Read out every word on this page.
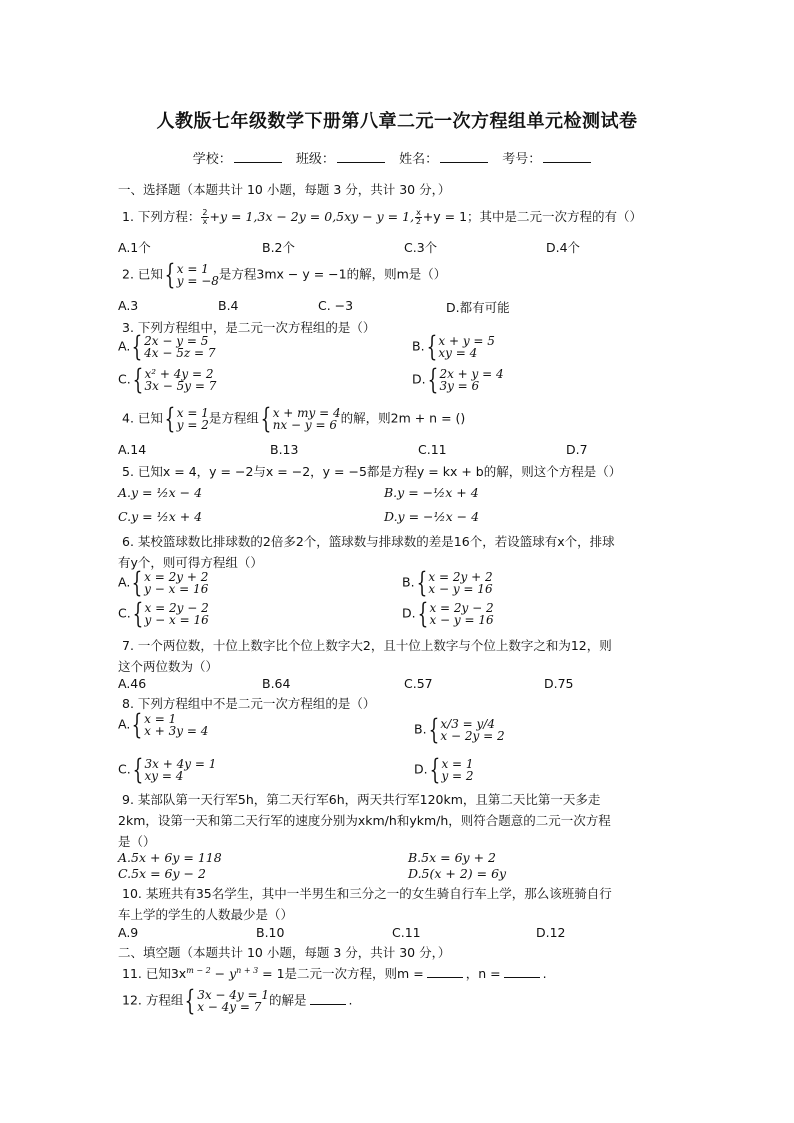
人教版七年级数学下册第八章二元一次方程组单元检测试卷
学校：	班级：	姓名：	考号：
一、选择题（本题共计 10 小题，每题 3 分，共计 30 分，）
1. 下列方程： $\frac{2}{x} +y = 1,3x - 2y = 0,5xy - y = 1$, $\frac{x}{2} +y = 1$；其中是二元一次方程的有（）
A.1个	B.2个	C.3个	D.4个
2. 已知 { x = 1
y = −8 是方程3mx − y = −1的解，则m是（）
A.3	B.4	C. −3	D.都有可能
3. 下列方程组中，是二元一次方程组的是（）
A. { 2x − y = 5
4x − 5z = 7	B. { x + y = 5
xy = 4
C. { x² + 4y = 2
3x − 5y = 7	D. { 2x + y = 4
3y = 6
4. 已知 { x = 1
y = 2 是方程组 { x + my = 4
nx − y = 6 的解，则2m + n = ()
A.14	B.13	C.11	D.7
5. 已知x = 4，y = −2与x = −2，y = −5都是方程y = kx + b的解，则这个方程是（）
A.y = ½x − 4	B.y = −½x + 4
C.y = ½x + 4	D.y = −½x − 4
6. 某校篮球数比排球数的2倍多2个，篮球数与排球数的差是16个，若设篮球有x个，排球
有y个，则可得方程组（）
A. { x = 2y + 2
y − x = 16	B. { x = 2y + 2
x − y = 16
C. { x = 2y − 2
y − x = 16	D. { x = 2y − 2
x − y = 16
7. 一个两位数，十位上数字比个位上数字大2，且十位上数字与个位上数字之和为12，则
这个两位数为（）
A.46	B.64	C.57	D.75
8. 下列方程组中不是二元一次方程组的是（）
A. { x = 1
x + 3y = 4	B. { x/3 = y/4
x − 2y = 2
C. { 3x + 4y = 1
xy = 4	D. { x = 1
y = 2
9. 某部队第一天行军5h，第二天行军6h，两天共行军120km，且第二天比第一天多走
2km，设第一天和第二天行军的速度分别为xkm/h和ykm/h，则符合题意的二元一次方程
是（）
A.5x + 6y = 118	B.5x = 6y + 2
C.5x = 6y − 2	D.5(x + 2) = 6y
10. 某班共有35名学生，其中一半男生和三分之一的女生骑自行车上学，那么该班骑自行
车上学的学生的人数最少是（）
A.9	B.10	C.11	D.12
二、填空题（本题共计 10 小题，每题 3 分，共计 30 分，）
11. 已知$3x^{m - 2} - y^{n + 3} = 1$是二元一次方程，则m =	，n =	.
12. 方程组 { 3x − 4y = 1
x − 4y = 7 的解是	.
